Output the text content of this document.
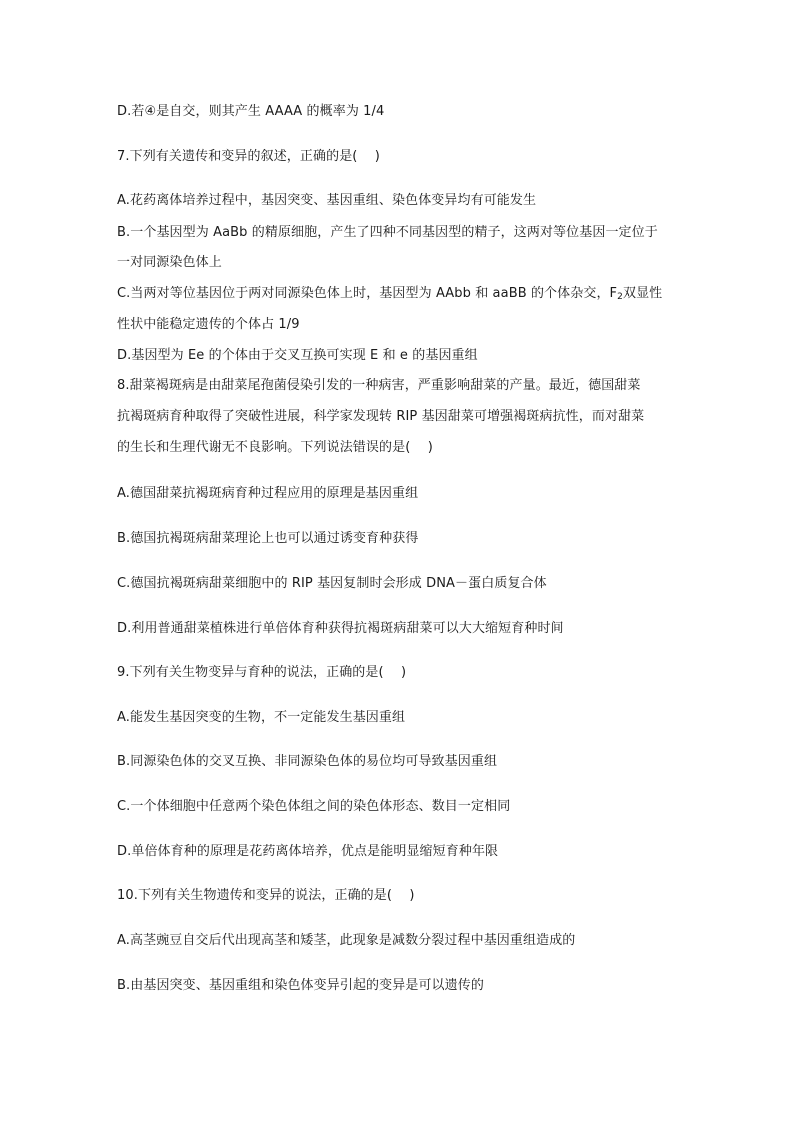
D.若④是自交，则其产生 AAAA 的概率为 1/4
7.下列有关遗传和变异的叙述，正确的是(　 )
A.花药离体培养过程中，基因突变、基因重组、染色体变异均有可能发生
B.一个基因型为 AaBb 的精原细胞，产生了四种不同基因型的精子，这两对等位基因一定位于
一对同源染色体上
C.当两对等位基因位于两对同源染色体上时，基因型为 AAbb 和 aaBB 的个体杂交，$F_2$双显性
性状中能稳定遗传的个体占 1/9
D.基因型为 Ee 的个体由于交叉互换可实现 E 和 e 的基因重组
8.甜菜褐斑病是由甜菜尾孢菌侵染引发的一种病害，严重影响甜菜的产量。最近，德国甜菜
抗褐斑病育种取得了突破性进展，科学家发现转 RIP 基因甜菜可增强褐斑病抗性，而对甜菜
的生长和生理代谢无不良影响。下列说法错误的是(　 )
A.德国甜菜抗褐斑病育种过程应用的原理是基因重组
B.德国抗褐斑病甜菜理论上也可以通过诱变育种获得
C.德国抗褐斑病甜菜细胞中的 RIP 基因复制时会形成 DNA－蛋白质复合体
D.利用普通甜菜植株进行单倍体育种获得抗褐斑病甜菜可以大大缩短育种时间
9.下列有关生物变异与育种的说法，正确的是(　 )
A.能发生基因突变的生物，不一定能发生基因重组
B.同源染色体的交叉互换、非同源染色体的易位均可导致基因重组
C.一个体细胞中任意两个染色体组之间的染色体形态、数目一定相同
D.单倍体育种的原理是花药离体培养，优点是能明显缩短育种年限
10.下列有关生物遗传和变异的说法，正确的是(　 )
A.高茎豌豆自交后代出现高茎和矮茎，此现象是减数分裂过程中基因重组造成的
B.由基因突变、基因重组和染色体变异引起的变异是可以遗传的
